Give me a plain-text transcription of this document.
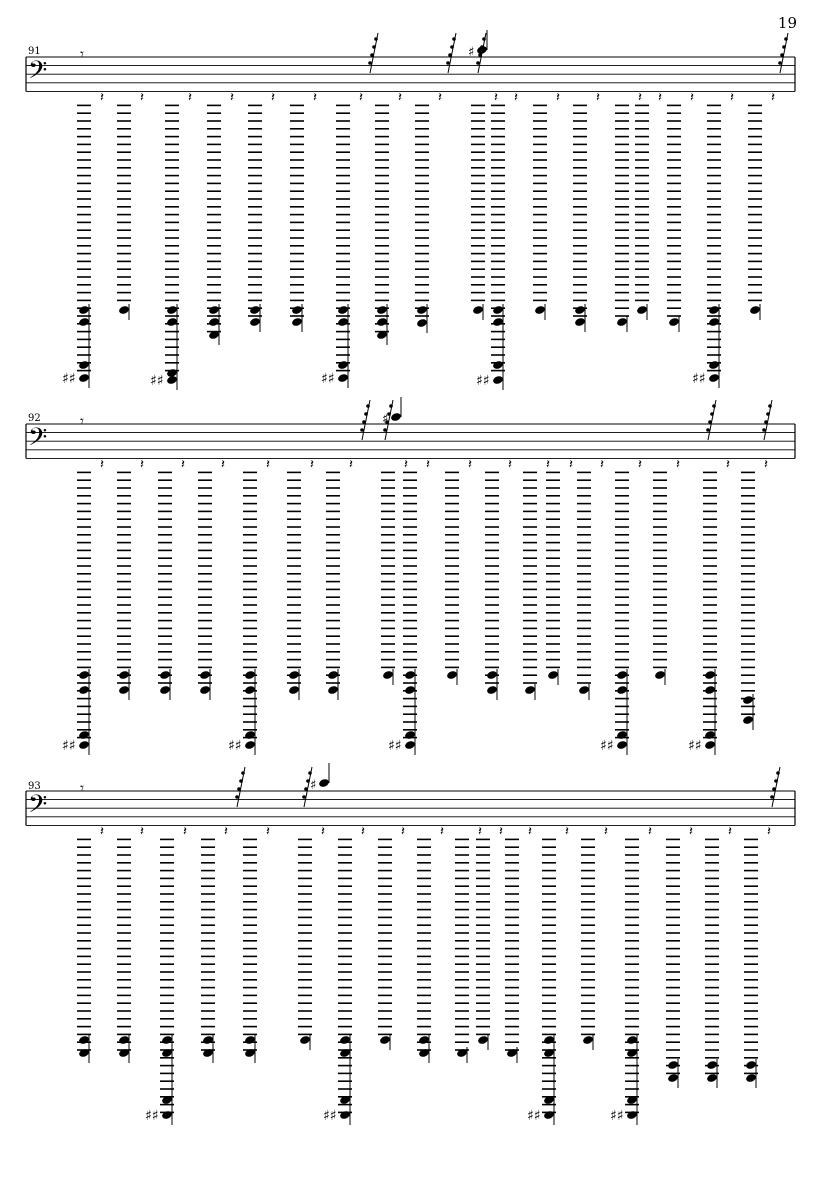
19
91
92
93
𝄢
𝄾
𝄽
♯♯
𝄽	𝄽
♯♯
𝄽	𝄽	𝄽	𝄽
♯♯
𝄽	𝄽	𝄽 𝄽
♯♯
𝄽	𝄽	𝄽 𝄽 𝄽	𝄽
♯♯
𝄽
𝄢
𝄾
𝄽
♯♯
𝄽	𝄽	𝄽	𝄽
♯♯
𝄽	𝄽	𝄽 𝄽
♯♯
𝄽	𝄽	𝄽 𝄽 𝄽	𝄽
♯♯
𝄽	𝄽
♯♯
𝄽
𝄢
𝄾
𝄽	𝄽	𝄽
♯♯
𝄽	𝄽	𝄽	𝄽
♯♯
𝄽	𝄽	𝄽 𝄽 𝄽	𝄽
♯♯
𝄽	𝄽
♯♯
𝄽	𝄽	𝄽
♯
♯
♯
